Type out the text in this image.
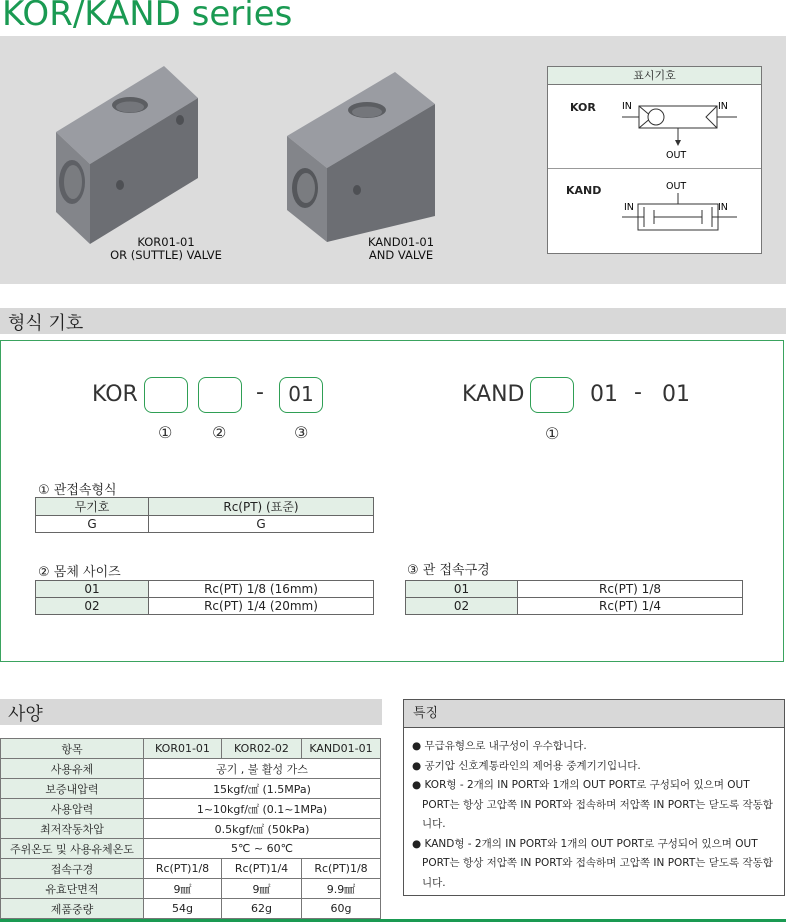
KOR/KAND series
KOR01-01
OR (SUTTLE) VALVE
KAND01-01
AND VALVE
표시기호
KOR
KAND
IN	IN
OUT
OUT
IN	IN
형식 기호
KOR	-	01
① ②	③
KAND	01 - 01
①
① 관접속형식
무기호	Rc(PT) (표준)
G	G
② 몸체 사이즈
01	Rc(PT) 1/8 (16mm)
02	Rc(PT) 1/4 (20mm)
③ 관 접속구경
01	Rc(PT) 1/8
02	Rc(PT) 1/4
사양
항목	KOR01-01	KOR02-02	KAND01-01
사용유체	공기 , 불 활성 가스		
보증내압력	15kgf/㎠ (1.5MPa)		
사용압력	1~10kgf/㎠ (0.1~1MPa)		
최저작동차압	0.5kgf/㎠ (50kPa)		
주위온도 및 사용유체온도	5℃ ~ 60℃		
접속구경	Rc(PT)1/8	Rc(PT)1/4	Rc(PT)1/8
유효단면적	9㎟	9㎟	9.9㎟
제품중량	54g	62g	60g
특징
● 무급유형으로 내구성이 우수합니다.
● 공기압 신호계통라인의 제어용 중계기기입니다.
● KOR형 - 2개의 IN PORT와 1개의 OUT PORT로 구성되어 있으며 OUT PORT는 항상 고압쪽 IN PORT와 접속하며 저압쪽 IN PORT는 닫도록 작동합니다.
● KAND형 - 2개의 IN PORT와 1개의 OUT PORT로 구성되어 있으며 OUT PORT는 항상 저압쪽 IN PORT와 접속하며 고압쪽 IN PORT는 닫도록 작동합니다.
